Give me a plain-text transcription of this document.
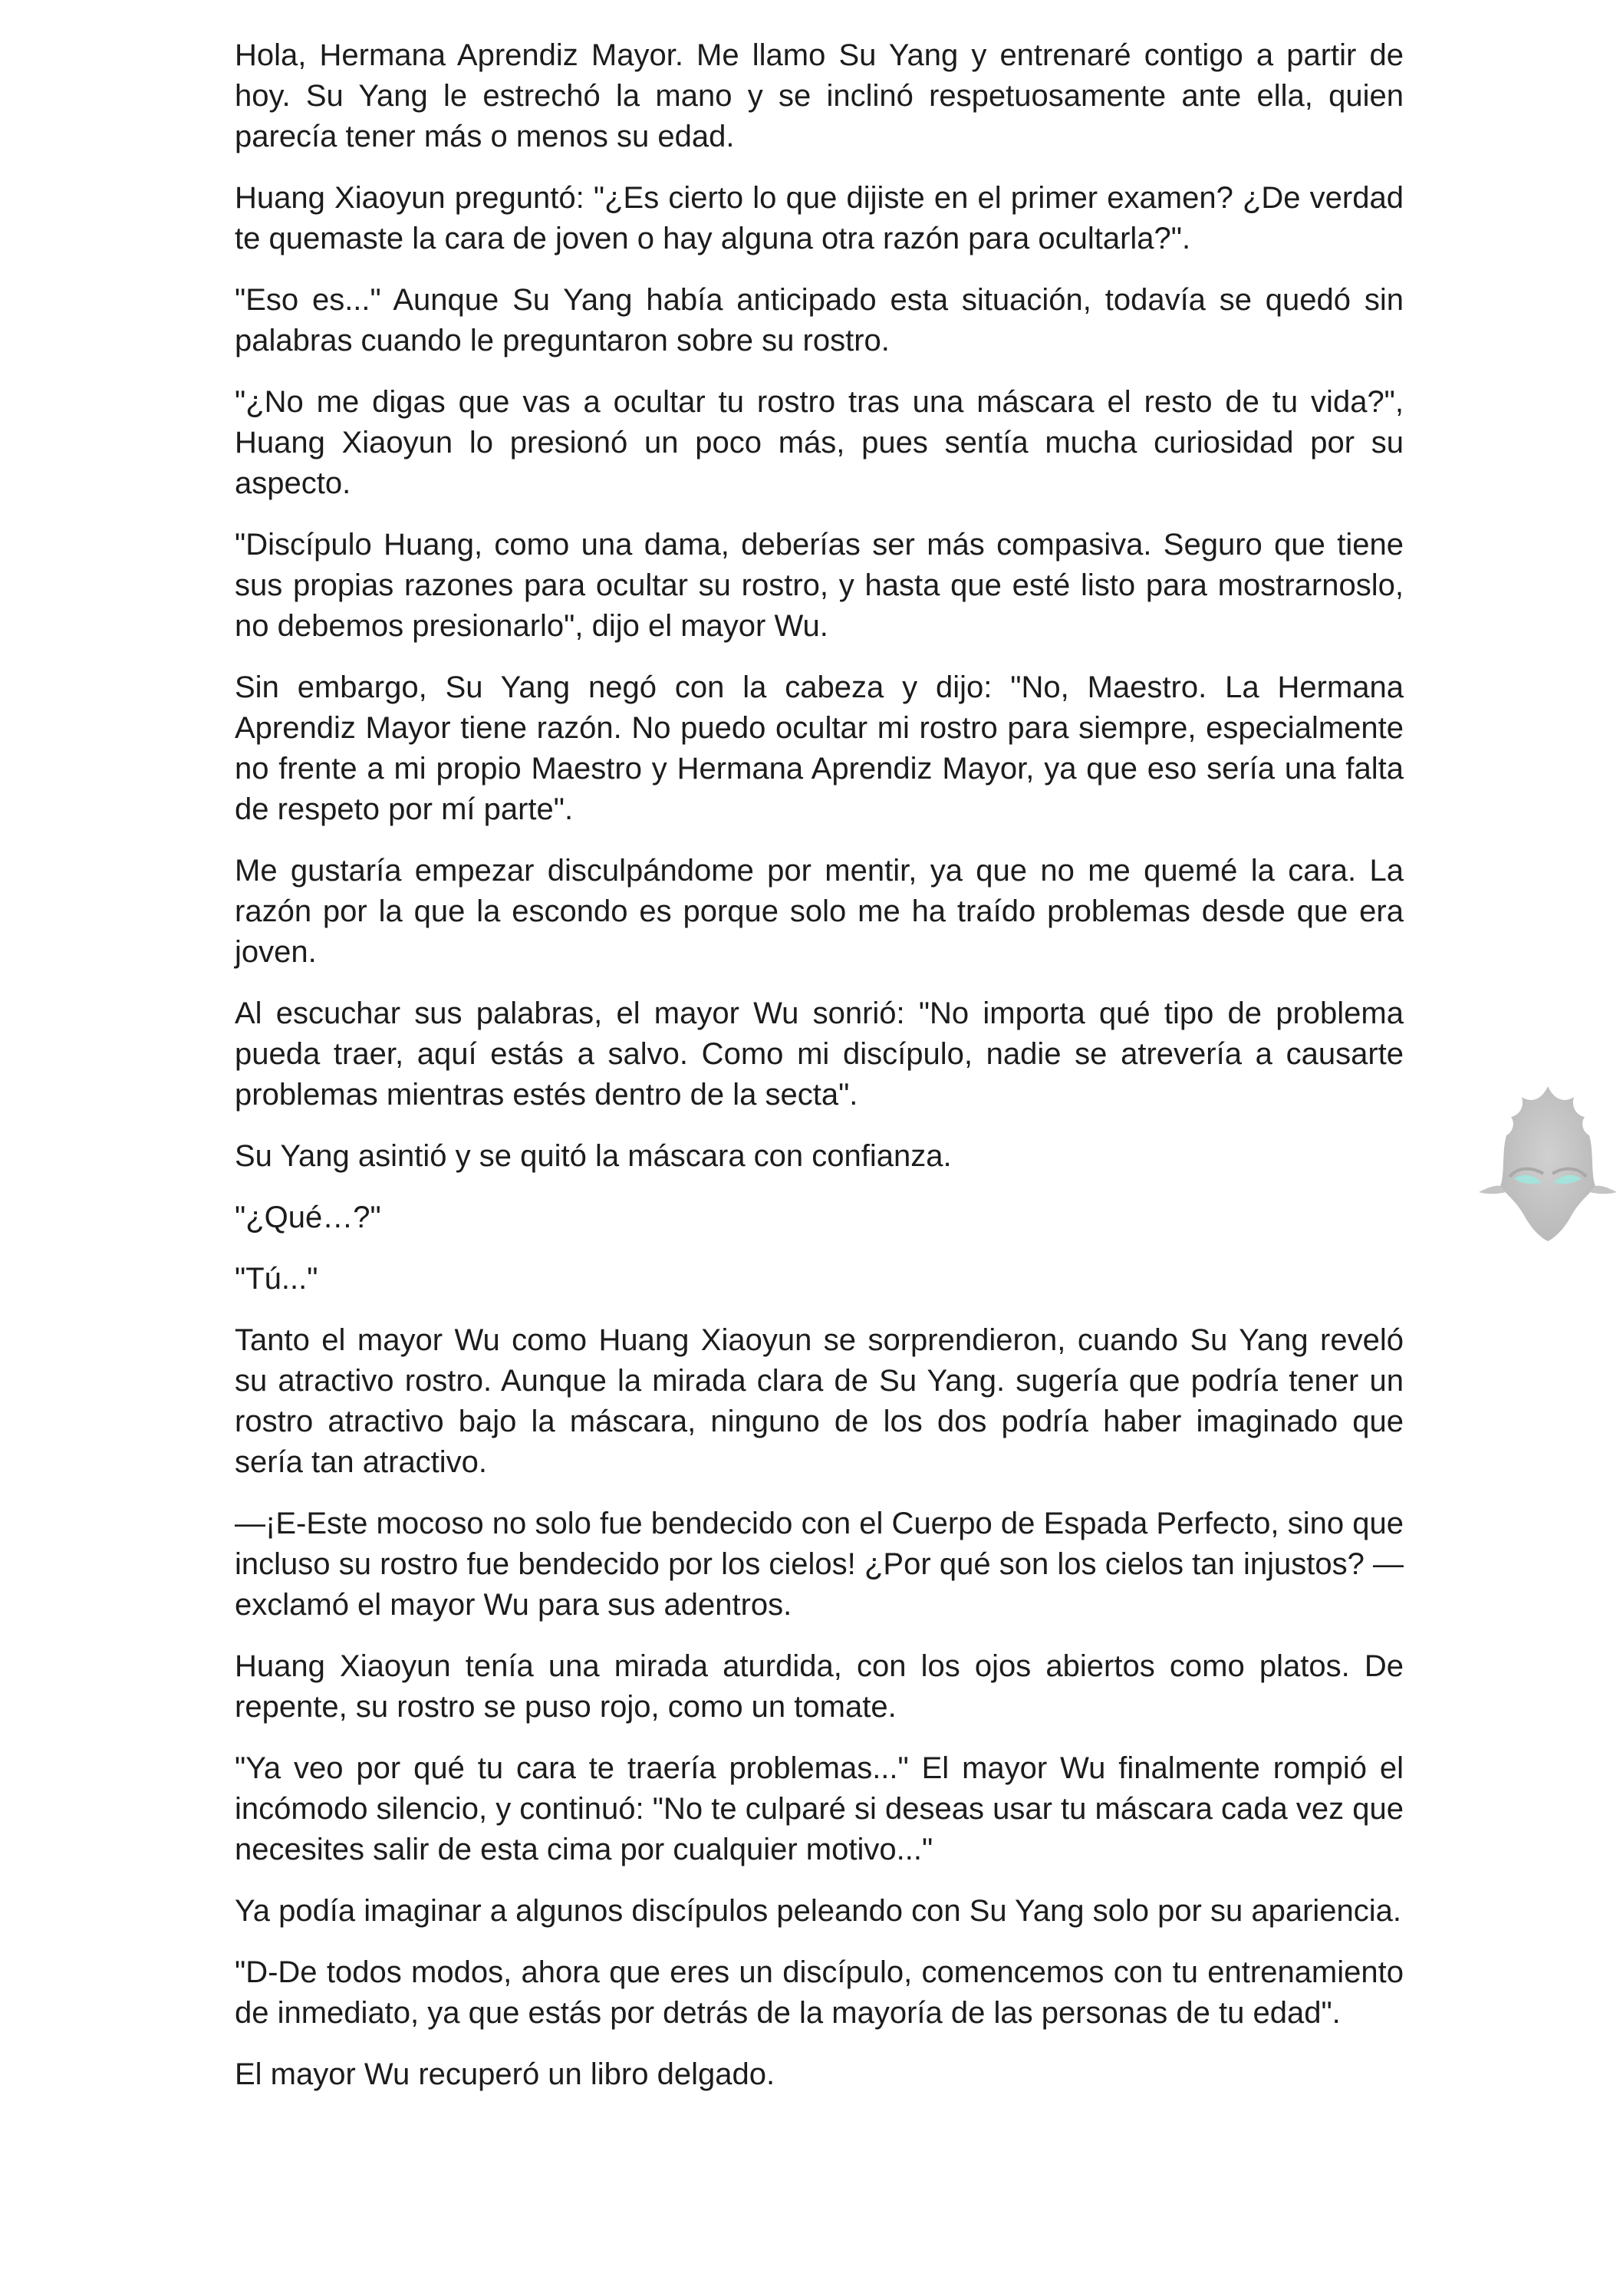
Hola, Hermana Aprendiz Mayor. Me llamo Su Yang y entrenaré contigo a partir de hoy. Su Yang le estrechó la mano y se inclinó respetuosamente ante ella, quien parecía tener más o menos su edad.

Huang Xiaoyun preguntó: "¿Es cierto lo que dijiste en el primer examen? ¿De verdad te quemaste la cara de joven o hay alguna otra razón para ocultarla?".

"Eso es..." Aunque Su Yang había anticipado esta situación, todavía se quedó sin palabras cuando le preguntaron sobre su rostro.

"¿No me digas que vas a ocultar tu rostro tras una máscara el resto de tu vida?", Huang Xiaoyun lo presionó un poco más, pues sentía mucha curiosidad por su aspecto.

"Discípulo Huang, como una dama, deberías ser más compasiva. Seguro que tiene sus propias razones para ocultar su rostro, y hasta que esté listo para mostrarnoslo, no debemos presionarlo", dijo el mayor Wu.

Sin embargo, Su Yang negó con la cabeza y dijo: "No, Maestro. La Hermana Aprendiz Mayor tiene razón. No puedo ocultar mi rostro para siempre, especialmente no frente a mi propio Maestro y Hermana Aprendiz Mayor, ya que eso sería una falta de respeto por mí parte".

Me gustaría empezar disculpándome por mentir, ya que no me quemé la cara. La razón por la que la escondo es porque solo me ha traído problemas desde que era joven.

Al escuchar sus palabras, el mayor Wu sonrió: "No importa qué tipo de problema pueda traer, aquí estás a salvo. Como mi discípulo, nadie se atrevería a causarte problemas mientras estés dentro de la secta".

Su Yang asintió y se quitó la máscara con confianza.

"¿Qué…?"

"Tú..."

Tanto el mayor Wu como Huang Xiaoyun se sorprendieron, cuando Su Yang reveló su atractivo rostro. Aunque la mirada clara de Su Yang. sugería que podría tener un rostro atractivo bajo la máscara, ninguno de los dos podría haber imaginado que sería tan atractivo.

—¡E-Este mocoso no solo fue bendecido con el Cuerpo de Espada Perfecto, sino que incluso su rostro fue bendecido por los cielos! ¿Por qué son los cielos tan injustos? —exclamó el mayor Wu para sus adentros.

Huang Xiaoyun tenía una mirada aturdida, con los ojos abiertos como platos. De repente, su rostro se puso rojo, como un tomate.

"Ya veo por qué tu cara te traería problemas..." El mayor Wu finalmente rompió el incómodo silencio, y continuó: "No te culparé si deseas usar tu máscara cada vez que necesites salir de esta cima por cualquier motivo..."

Ya podía imaginar a algunos discípulos peleando con Su Yang solo por su apariencia.

"D-De todos modos, ahora que eres un discípulo, comencemos con tu entrenamiento de inmediato, ya que estás por detrás de la mayoría de las personas de tu edad".

El mayor Wu recuperó un libro delgado.
